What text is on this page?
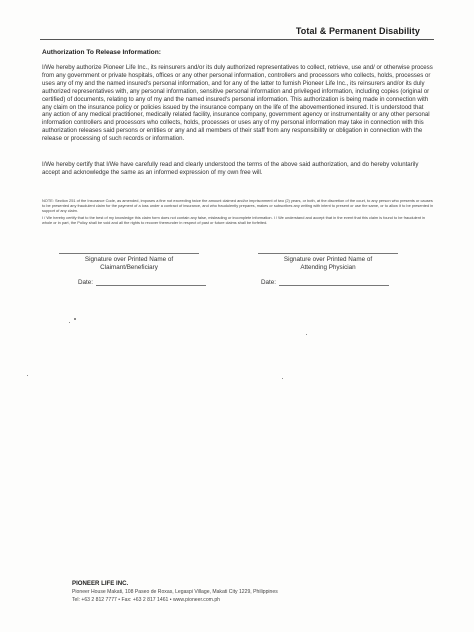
Total & Permanent Disability
Authorization To Release Information:
I/We hereby authorize Pioneer Life Inc., its reinsurers and/or its duly authorized representatives to collect, retrieve, use and/ or otherwise process from any government or private hospitals, offices or any other personal information, controllers and processors who collects, holds, processes or uses any of my and the named insured's personal information, and for any of the latter to furnish Pioneer Life Inc., its reinsurers and/or its duly authorized representatives with, any personal information, sensitive personal information and privileged information, including copies (original or certified) of documents, relating to any of my and the named insured's personal information. This authorization is being made in connection with any claim on the insurance policy or policies issued by the insurance company on the life of the abovementioned insured. It is understood that any action of any medical practitioner, medically related facility, insurance company, government agency or instrumentality or any other personal information controllers and processors who collects, holds, processes or uses any of my personal information may take in connection with this authorization releases said persons or entities or any and all members of their staff from any responsibility or obligation in connection with the release or processing of such records or information.
I/We hereby certify that I/We have carefully read and clearly understood the terms of the above said authorization, and do hereby voluntarily accept and acknowledge the same as an informed expression of my own free will.
NOTE: Section 251 of the Insurance Code, as amended, imposes a fine not exceeding twice the amount claimed and/or imprisonment of two (2) years, or both, at the discretion of the court, to any person who presents or causes to be presented any fraudulent claim for the payment of a loss under a contract of insurance, and who fraudulently prepares, makes or subscribes any writing with intent to present or use the same, or to allow it to be presented in support of any claim.
I / We hereby certify that to the best of my knowledge this claim form does not contain any false, misleading or incomplete information. I / We understand and accept that in the event that this claim is found to be fraudulent in whole or in part, the Policy shall be void and all the rights to recover thereunder in respect of past or future claims shall be forfeited.
Signature over Printed Name of
Claimant/Beneficiary
Signature over Printed Name of
Attending Physician
Date:	Date:
PIONEER LIFE INC.
Pioneer House Makati, 108 Paseo de Roxas, Legaspi Village, Makati City 1229, Philippines
Tel: +63 2 812 7777 • Fax: +63 2 817 1461 • www.pioneer.com.ph
